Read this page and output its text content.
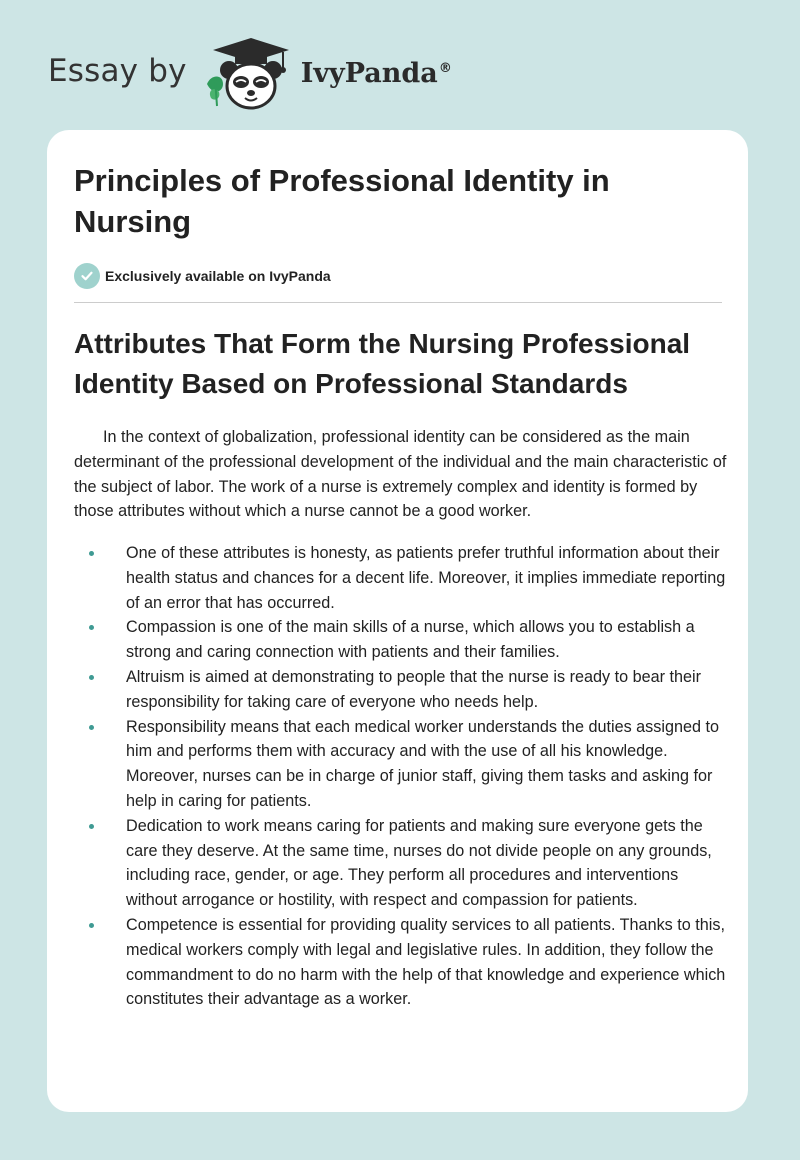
Essay by	IvyPanda®
Principles of Professional Identity in Nursing
Exclusively available on IvyPanda
Attributes That Form the Nursing Professional Identity Based on Professional Standards

In the context of globalization, professional identity can be considered as the main determinant of the professional development of the individual and the main characteristic of the subject of labor. The work of a nurse is extremely complex and identity is formed by those attributes without which a nurse cannot be a good worker.

One of these attributes is honesty, as patients prefer truthful information about their health status and chances for a decent life. Moreover, it implies immediate reporting of an error that has occurred.
Compassion is one of the main skills of a nurse, which allows you to establish a strong and caring connection with patients and their families.
Altruism is aimed at demonstrating to people that the nurse is ready to bear their responsibility for taking care of everyone who needs help.
Responsibility means that each medical worker understands the duties assigned to him and performs them with accuracy and with the use of all his knowledge. Moreover, nurses can be in charge of junior staff, giving them tasks and asking for help in caring for patients.
Dedication to work means caring for patients and making sure everyone gets the care they deserve. At the same time, nurses do not divide people on any grounds, including race, gender, or age. They perform all procedures and interventions without arrogance or hostility, with respect and compassion for patients.
Competence is essential for providing quality services to all patients. Thanks to this, medical workers comply with legal and legislative rules. In addition, they follow the commandment to do no harm with the help of that knowledge and experience which constitutes their advantage as a worker.
